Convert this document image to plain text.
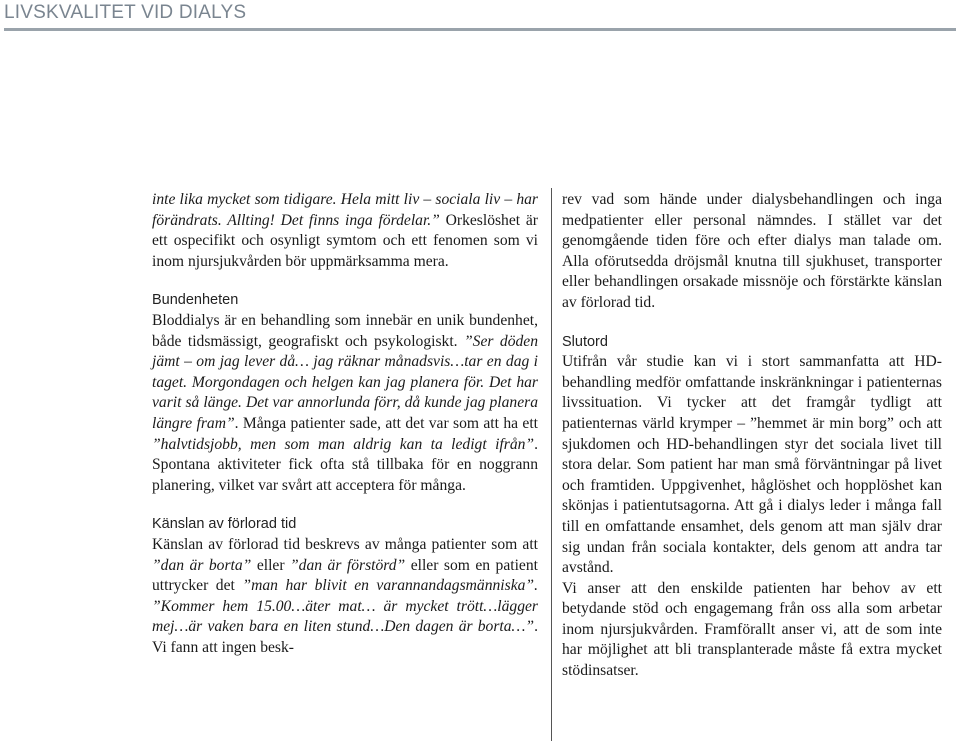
LIVSKVALITET VID DIALYS

inte lika mycket som tidigare. Hela mitt liv – sociala liv – har förändrats. Allting! Det finns inga fördelar.” Orkeslöshet är ett ospecifikt och osynligt symtom och ett fenomen som vi inom njursjukvården bör uppmärksamma mera.

Bundenheten

Bloddialys är en behandling som innebär en unik bundenhet, både tidsmässigt, geografiskt och psykologiskt. ”Ser döden jämt – om jag lever då… jag räknar månadsvis…tar en dag i taget. Morgondagen och helgen kan jag planera för. Det har varit så länge. Det var annorlunda förr, då kunde jag planera längre fram”. Många patienter sade, att det var som att ha ett ”halvtidsjobb, men som man aldrig kan ta ledigt ifrån”. Spontana aktiviteter fick ofta stå tillbaka för en noggrann planering, vilket var svårt att acceptera för många.

Känslan av förlorad tid

Känslan av förlorad tid beskrevs av många patienter som att ”dan är borta” eller ”dan är förstörd” eller som en patient uttrycker det ”man har blivit en varannandagsmänniska”. ”Kommer hem 15.00…äter mat… är mycket trött…lägger mej…är vaken bara en liten stund…Den dagen är borta…”. Vi fann att ingen besk-

rev vad som hände under dialysbehandlingen och inga medpatienter eller personal nämndes. I stället var det genomgående tiden före och efter dialys man talade om. Alla oförutsedda dröjsmål knutna till sjukhuset, transporter eller behandlingen orsakade missnöje och förstärkte känslan av förlorad tid.

Slutord

Utifrån vår studie kan vi i stort sammanfatta att HD-behandling medför omfattande inskränkningar i patienternas livssituation. Vi tycker att det framgår tydligt att patienternas värld krymper – ”hemmet är min borg” och att sjukdomen och HD-behandlingen styr det sociala livet till stora delar. Som patient har man små förväntningar på livet och framtiden. Uppgivenhet, håglöshet och hopplöshet kan skönjas i patientutsagorna. Att gå i dialys leder i många fall till en omfattande ensamhet, dels genom att man själv drar sig undan från sociala kontakter, dels genom att andra tar avstånd.

Vi anser att den enskilde patienten har behov av ett betydande stöd och engagemang från oss alla som arbetar inom njursjukvården. Framförallt anser vi, att de som inte har möjlighet att bli transplanterade måste få extra mycket stödinsatser.
